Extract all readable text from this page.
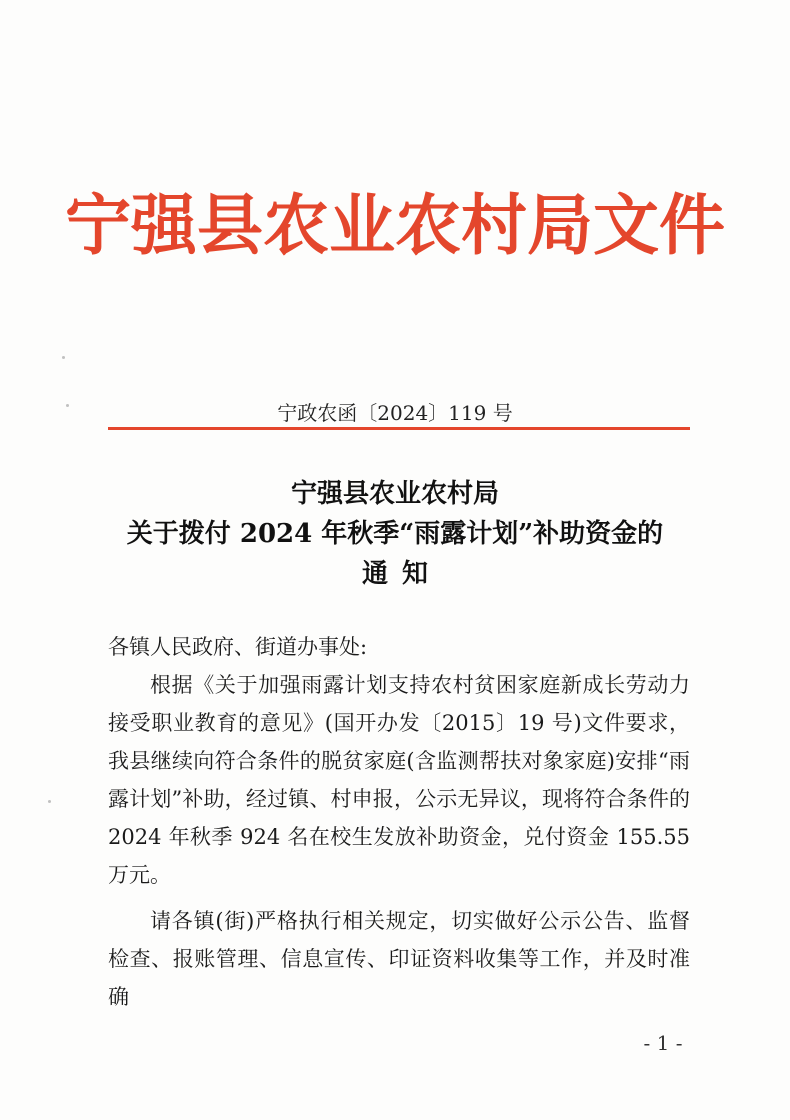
宁强县农业农村局文件
宁政农函〔2024〕119 号
宁强县农业农村局
关于拨付 2024 年秋季“雨露计划”补助资金的
通知

各镇人民政府、街道办事处:

根据《关于加强雨露计划支持农村贫困家庭新成长劳动力接受职业教育的意见》(国开办发〔2015〕19 号)文件要求，我县继续向符合条件的脱贫家庭(含监测帮扶对象家庭)安排“雨露计划”补助，经过镇、村申报，公示无异议，现将符合条件的 2024 年秋季 924 名在校生发放补助资金，兑付资金 155.55 万元。

请各镇(街)严格执行相关规定，切实做好公示公告、监督检查、报账管理、信息宣传、印证资料收集等工作，并及时准确

- 1 -
